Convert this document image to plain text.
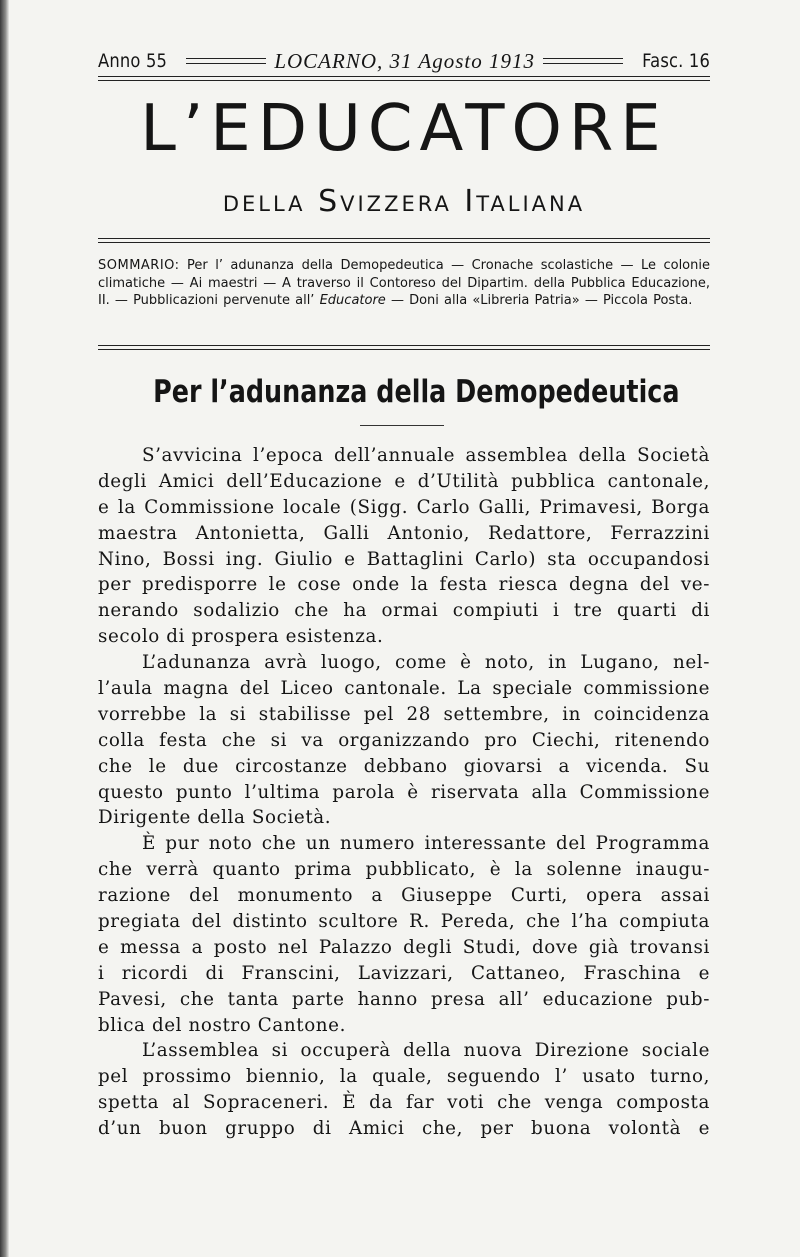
Anno 55	LOCARNO, 31 Agosto 1913	Fasc. 16
L’EDUCATORE
della Svizzera Italiana
SOMMARIO: Per l’ adunanza della Demopedeutica — Cronache scolastiche — Le colonie climatiche — Ai maestri — A traverso il Contoreso del Dipartim. della Pubblica Educazione, II. — Pubblicazioni pervenute all’ Educatore — Doni alla «Libreria Patria» — Piccola Posta.
Per l’adunanza della Demopedeutica
S’avvicina l’epoca dell’annuale assemblea della Società
degli Amici dell’Educazione e d’Utilità pubblica cantonale,
e la Commissione locale (Sigg. Carlo Galli, Primavesi, Borga
maestra Antonietta, Galli Antonio, Redattore, Ferrazzini
Nino, Bossi ing. Giulio e Battaglini Carlo) sta occupandosi
per predisporre le cose onde la festa riesca degna del ve-
nerando sodalizio che ha ormai compiuti i tre quarti di
secolo di prospera esistenza.
L’adunanza avrà luogo, come è noto, in Lugano, nel-
l’aula magna del Liceo cantonale. La speciale commissione
vorrebbe la si stabilisse pel 28 settembre, in coincidenza
colla festa che si va organizzando pro Ciechi, ritenendo
che le due circostanze debbano giovarsi a vicenda. Su
questo punto l’ultima parola è riservata alla Commissione
Dirigente della Società.
È pur noto che un numero interessante del Programma
che verrà quanto prima pubblicato, è la solenne inaugu-
razione del monumento a Giuseppe Curti, opera assai
pregiata del distinto scultore R. Pereda, che l’ha compiuta
e messa a posto nel Palazzo degli Studi, dove già trovansi
i ricordi di Franscini, Lavizzari, Cattaneo, Fraschina e
Pavesi, che tanta parte hanno presa all’ educazione pub-
blica del nostro Cantone.
L’assemblea si occuperà della nuova Direzione sociale
pel prossimo biennio, la quale, seguendo l’ usato turno,
spetta al Sopraceneri. È da far voti che venga composta
d’un buon gruppo di Amici che, per buona volontà e
